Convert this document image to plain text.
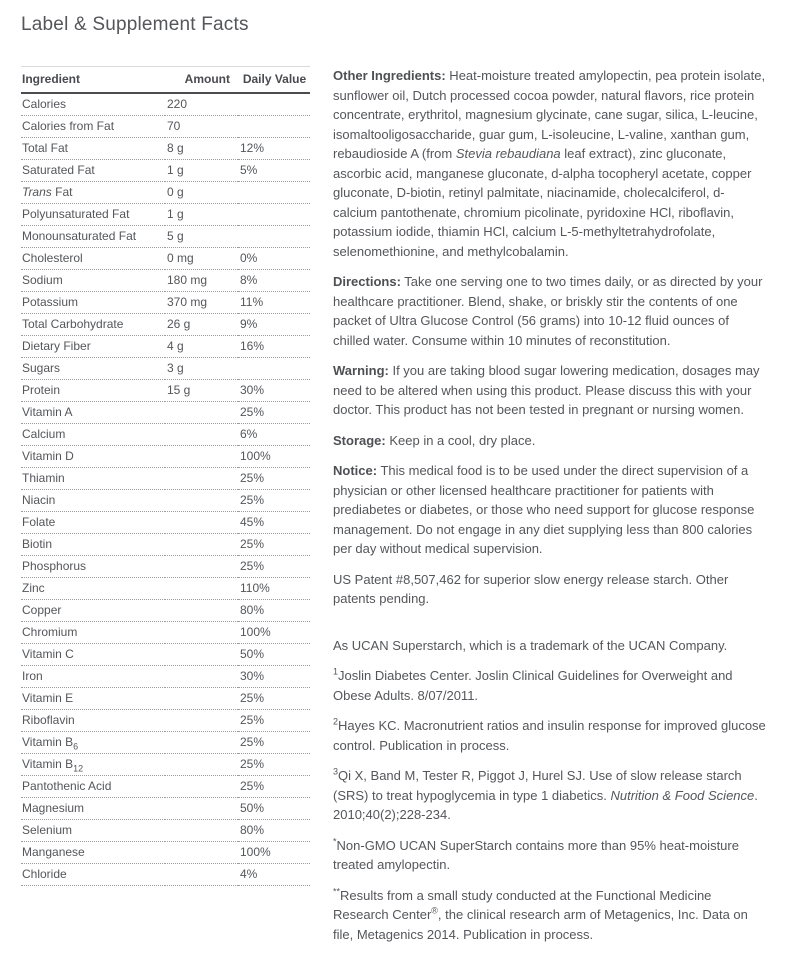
Label & Supplement Facts
Ingredient	Amount	Daily Value
Calories	220	
Calories from Fat	70	
Total Fat	8 g	12%
Saturated Fat	1 g	5%
Trans Fat	0 g	
Polyunsaturated Fat	1 g	
Monounsaturated Fat	5 g	
Cholesterol	0 mg	0%
Sodium	180 mg	8%
Potassium	370 mg	11%
Total Carbohydrate	26 g	9%
Dietary Fiber	4 g	16%
Sugars	3 g	
Protein	15 g	30%
Vitamin A		25%
Calcium		6%
Vitamin D		100%
Thiamin		25%
Niacin		25%
Folate		45%
Biotin		25%
Phosphorus		25%
Zinc		110%
Copper		80%
Chromium		100%
Vitamin C		50%
Iron		30%
Vitamin E		25%
Riboflavin		25%
Vitamin $B_6$		25%
Vitamin $B_{12}$		25%
Pantothenic Acid		25%
Magnesium		50%
Selenium		80%
Manganese		100%
Chloride		4%

Other Ingredients: Heat-moisture treated amylopectin, pea protein isolate, sunflower oil, Dutch processed cocoa powder, natural flavors, rice protein concentrate, erythritol, magnesium glycinate, cane sugar, silica, L-leucine, isomaltooligosaccharide, guar gum, L-isoleucine, L-valine, xanthan gum, rebaudioside A (from Stevia rebaudiana leaf extract), zinc gluconate, ascorbic acid, manganese gluconate, d-alpha tocopheryl acetate, copper gluconate, D-biotin, retinyl palmitate, niacinamide, cholecalciferol, d-calcium pantothenate, chromium picolinate, pyridoxine HCl, riboflavin, potassium iodide, thiamin HCl, calcium L-5-methyltetrahydrofolate, selenomethionine, and methylcobalamin.

Directions: Take one serving one to two times daily, or as directed by your healthcare practitioner. Blend, shake, or briskly stir the contents of one packet of Ultra Glucose Control (56 grams) into 10-12 fluid ounces of chilled water. Consume within 10 minutes of reconstitution.

Warning: If you are taking blood sugar lowering medication, dosages may need to be altered when using this product. Please discuss this with your doctor. This product has not been tested in pregnant or nursing women.

Storage: Keep in a cool, dry place.

Notice: This medical food is to be used under the direct supervision of a physician or other licensed healthcare practitioner for patients with prediabetes or diabetes, or those who need support for glucose response management. Do not engage in any diet supplying less than 800 calories per day without medical supervision.

US Patent #8,507,462 for superior slow energy release starch. Other patents pending.

As UCAN Superstarch, which is a trademark of the UCAN Company.

$^1$Joslin Diabetes Center. Joslin Clinical Guidelines for Overweight and Obese Adults. 8/07/2011.

$^2$Hayes KC. Macronutrient ratios and insulin response for improved glucose control. Publication in process.

$^3$Qi X, Band M, Tester R, Piggot J, Hurel SJ. Use of slow release starch (SRS) to treat hypoglycemia in type 1 diabetics. Nutrition & Food Science. 2010;40(2);228-234.

*Non-GMO UCAN SuperStarch contains more than 95% heat-moisture treated amylopectin.

**Results from a small study conducted at the Functional Medicine Research Center®, the clinical research arm of Metagenics, Inc. Data on file, Metagenics 2014. Publication in process.
